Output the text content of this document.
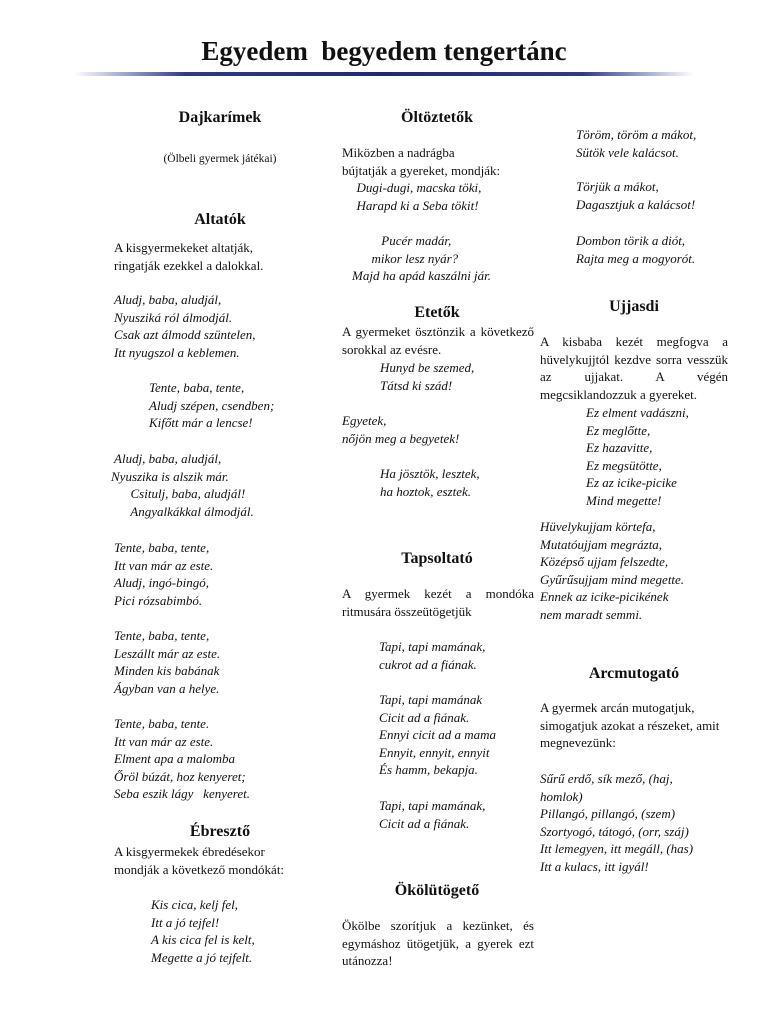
Egyedem  begyedem tengertánc
Dajkarímek
(Ölbeli gyermek játékai)
Altatók
A kisgyermekeket altatják,
ringatják ezekkel a dalokkal.
Aludj, baba, aludjál,
Nyusziká ról álmodjál.
Csak azt álmodd szüntelen,
Itt nyugszol a keblemen.
Tente, baba, tente,
Aludj szépen, csendben;
Kifőtt már a lencse!
Aludj, baba, aludjál,
Nyuszika is alszik már.
Csitulj, baba, aludjál!
Angyalkákkal álmodjál.
Tente, baba, tente,
Itt van már az este.
Aludj, ingó-bingó,
Pici rózsabimbó.
Tente, baba, tente,
Leszállt már az este.
Minden kis babának
Ágyban van a helye.
Tente, baba, tente.
Itt van már az este.
Elment apa a malomba
Őröl búzát, hoz kenyeret;
Seba eszik lágy   kenyeret.
Ébresztő
A kisgyermekek ébredésekor
mondják a következő mondókát:
Kis cica, kelj fel,
Itt a jó tejfel!
A kis cica fel is kelt,
Megette a jó tejfelt.
Öltöztetők
Miközben a nadrágba
bújtatják a gyereket, mondják:
Dugi-dugi, macska töki,
Harapd ki a Seba tökit!
Pucér madár,
mikor lesz nyár?
Majd ha apád kaszálni jár.
Etetők
A gyermeket ösztönzik a következő sorokkal az evésre.
Hunyd be szemed,
Tátsd ki szád!
Egyetek,
nőjön meg a begyetek!
Ha jösztök, lesztek,
ha hoztok, esztek.
Tapsoltató
A gyermek kezét a mondóka ritmusára összeütögetjük
Tapi, tapi mamának,
cukrot ad a fiának.
Tapi, tapi mamának
Cicit ad a fiának.
Ennyi cicit ad a mama
Ennyit, ennyit, ennyit
És hamm, bekapja.
Tapi, tapi mamának,
Cicit ad a fiának.
Ökölütögető
Ökölbe szorítjuk a kezünket, és egymáshoz ütögetjük, a gyerek ezt utánozza!
Töröm, töröm a mákot,
Sütök vele kalácsot.
Törjük a mákot,
Dagasztjuk a kalácsot!
Dombon törik a diót,
Rajta meg a mogyorót.
Ujjasdi
A kisbaba kezét megfogva a hüvelykujjtól kezdve sorra vesszük az ujjakat. A végén megcsiklandozzuk a gyereket.
Ez elment vadászni,
Ez meglőtte,
Ez hazavitte,
Ez megsütötte,
Ez az icike-picike
Mind megette!
Hüvelykujjam körtefa,
Mutatóujjam megrázta,
Középső ujjam felszedte,
Gyűrűsujjam mind megette.
Ennek az icike-picikének
nem maradt semmi.
Arcmutogató
A gyermek arcán mutogatjuk, simogatjuk azokat a részeket, amit megnevezünk:
Sűrű erdő, sík mező, (haj,
homlok)
Pillangó, pillangó, (szem)
Szortyogó, tátogó, (orr, száj)
Itt lemegyen, itt megáll, (has)
Itt a kulacs, itt igyál!
